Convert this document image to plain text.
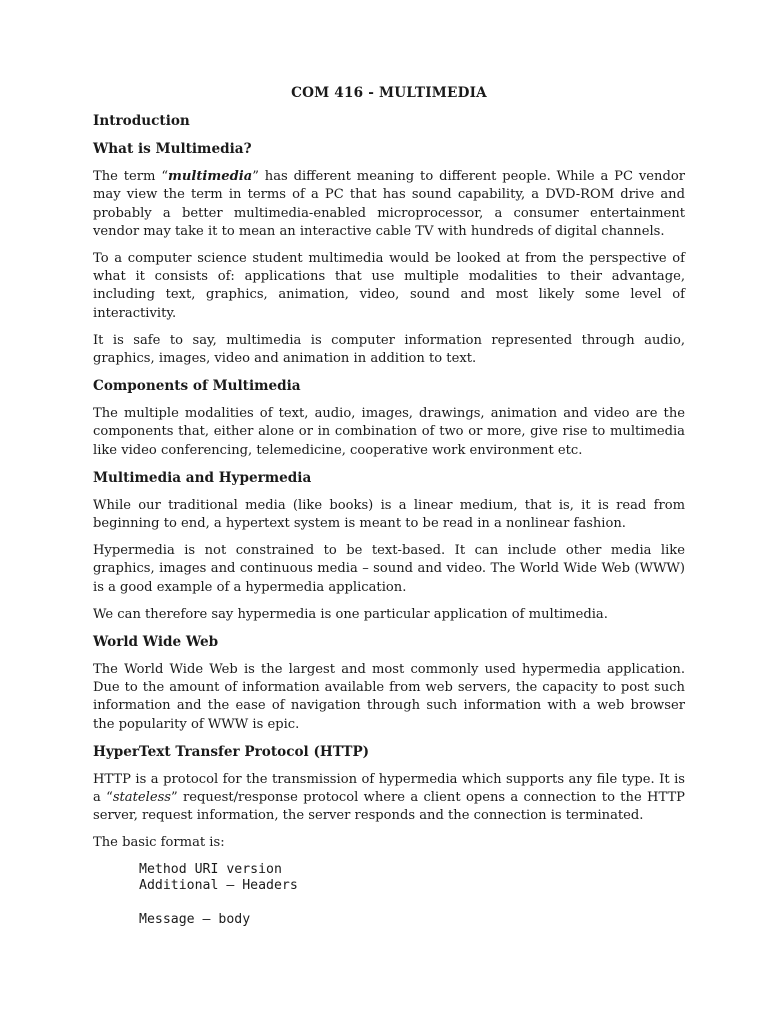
COM 416 - MULTIMEDIA
Introduction
What is Multimedia?

The term “multimedia” has different meaning to different people. While a PC vendor may view the term in terms of a PC that has sound capability, a DVD-ROM drive and probably a better multimedia-enabled microprocessor, a consumer entertainment vendor may take it to mean an interactive cable TV with hundreds of digital channels.

To a computer science student multimedia would be looked at from the perspective of what it consists of: applications that use multiple modalities to their advantage, including text, graphics, animation, video, sound and most likely some level of interactivity.

It is safe to say, multimedia is computer information represented through audio, graphics, images, video and animation in addition to text.

Components of Multimedia

The multiple modalities of text, audio, images, drawings, animation and video are the components that, either alone or in combination of two or more, give rise to multimedia like video conferencing, telemedicine, cooperative work environment etc.

Multimedia and Hypermedia

While our traditional media (like books) is a linear medium, that is, it is read from beginning to end, a hypertext system is meant to be read in a nonlinear fashion.

Hypermedia is not constrained to be text-based. It can include other media like graphics, images and continuous media – sound and video. The World Wide Web (WWW) is a good example of a hypermedia application.

We can therefore say hypermedia is one particular application of multimedia.

World Wide Web

The World Wide Web is the largest and most commonly used hypermedia application. Due to the amount of information available from web servers, the capacity to post such information and the ease of navigation through such information with a web browser the popularity of WWW is epic.

HyperText Transfer Protocol (HTTP)

HTTP is a protocol for the transmission of hypermedia which supports any file type. It is a “stateless” request/response protocol where a client opens a connection to the HTTP server, request information, the server responds and the connection is terminated.

The basic format is:

Method URI version
Additional – Headers
Message – body
